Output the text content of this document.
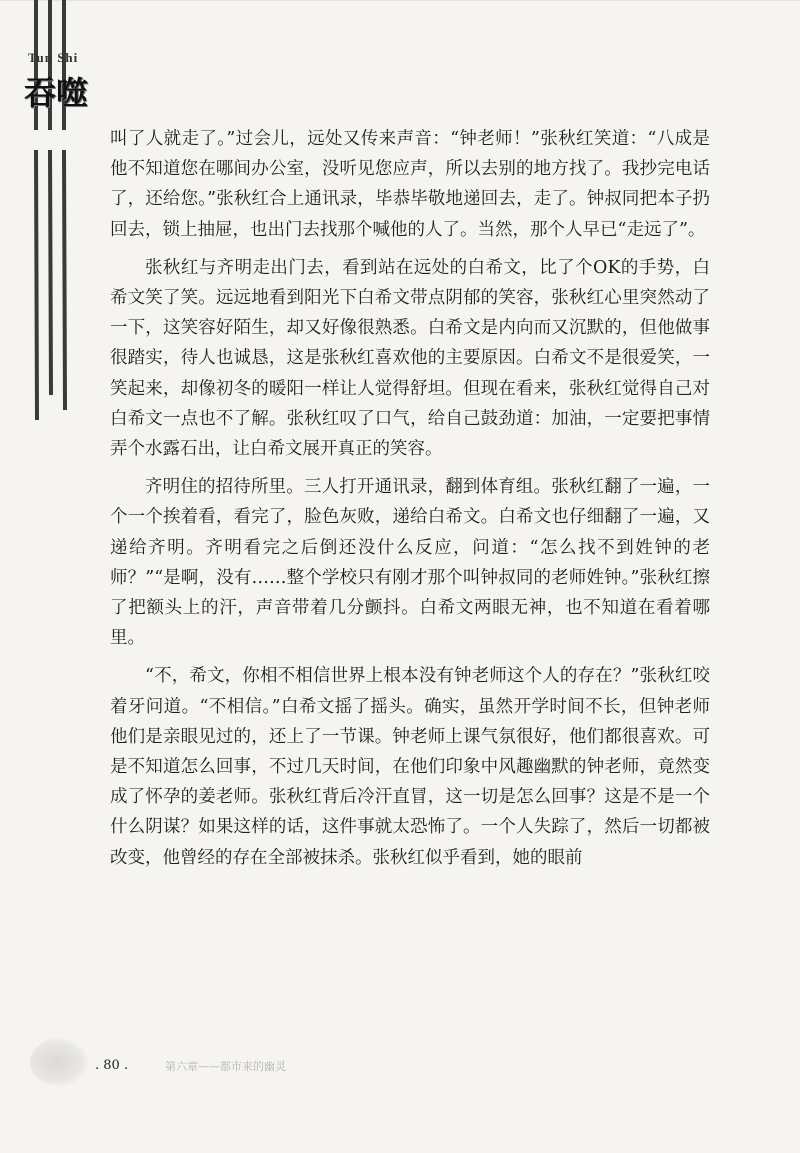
Tun Shi
吞噬

叫了人就走了。”过会儿，远处又传来声音：“钟老师！”张秋红笑道：“八成是他不知道您在哪间办公室，没听见您应声，所以去别的地方找了。我抄完电话了，还给您。”张秋红合上通讯录，毕恭毕敬地递回去，走了。钟叔同把本子扔回去，锁上抽屉，也出门去找那个喊他的人了。当然，那个人早已“走远了”。

张秋红与齐明走出门去，看到站在远处的白希文，比了个OK的手势，白希文笑了笑。远远地看到阳光下白希文带点阴郁的笑容，张秋红心里突然动了一下，这笑容好陌生，却又好像很熟悉。白希文是内向而又沉默的，但他做事很踏实，待人也诚恳，这是张秋红喜欢他的主要原因。白希文不是很爱笑，一笑起来，却像初冬的暖阳一样让人觉得舒坦。但现在看来，张秋红觉得自己对白希文一点也不了解。张秋红叹了口气，给自己鼓劲道：加油，一定要把事情弄个水露石出，让白希文展开真正的笑容。

齐明住的招待所里。三人打开通讯录，翻到体育组。张秋红翻了一遍，一个一个挨着看，看完了，脸色灰败，递给白希文。白希文也仔细翻了一遍，又递给齐明。齐明看完之后倒还没什么反应，问道：“怎么找不到姓钟的老师？”“是啊，没有……整个学校只有刚才那个叫钟叔同的老师姓钟。”张秋红擦了把额头上的汗，声音带着几分颤抖。白希文两眼无神，也不知道在看着哪里。

“不，希文，你相不相信世界上根本没有钟老师这个人的存在？”张秋红咬着牙问道。“不相信。”白希文摇了摇头。确实，虽然开学时间不长，但钟老师他们是亲眼见过的，还上了一节课。钟老师上课气氛很好，他们都很喜欢。可是不知道怎么回事，不过几天时间，在他们印象中风趣幽默的钟老师，竟然变成了怀孕的姜老师。张秋红背后冷汗直冒，这一切是怎么回事？这是不是一个什么阴谋？如果这样的话，这件事就太恐怖了。一个人失踪了，然后一切都被改变，他曾经的存在全部被抹杀。张秋红似乎看到，她的眼前

. 80 .	第六章——都市来的幽灵
